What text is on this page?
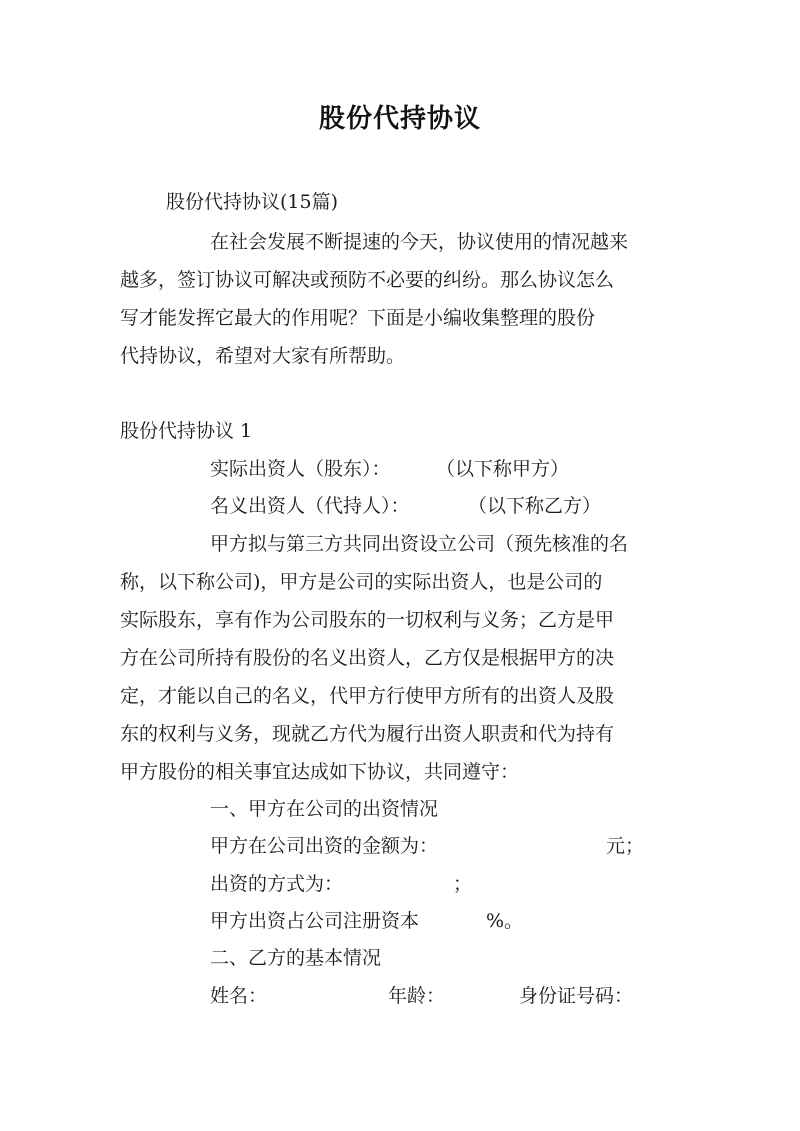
股份代持协议
股份代持协议(15篇)
在社会发展不断提速的今天，协议使用的情况越来
越多，签订协议可解决或预防不必要的纠纷。那么协议怎么
写才能发挥它最大的作用呢？下面是小编收集整理的股份
代持协议，希望对大家有所帮助。
股份代持协议 1
实际出资人（股东）： （以下称甲方）
名义出资人（代持人）：	（以下称乙方）
甲方拟与第三方共同出资设立公司（预先核准的名
称，以下称公司)，甲方是公司的实际出资人，也是公司的
实际股东，享有作为公司股东的一切权利与义务；乙方是甲
方在公司所持有股份的名义出资人，乙方仅是根据甲方的决
定，才能以自己的名义，代甲方行使甲方所有的出资人及股
东的权利与义务，现就乙方代为履行出资人职责和代为持有
甲方股份的相关事宜达成如下协议，共同遵守：
一、甲方在公司的出资情况
甲方在公司出资的金额为：	元；
出资的方式为：	；
甲方出资占公司注册资本	%。
二、乙方的基本情况
姓名：	年龄：	身份证号码：
